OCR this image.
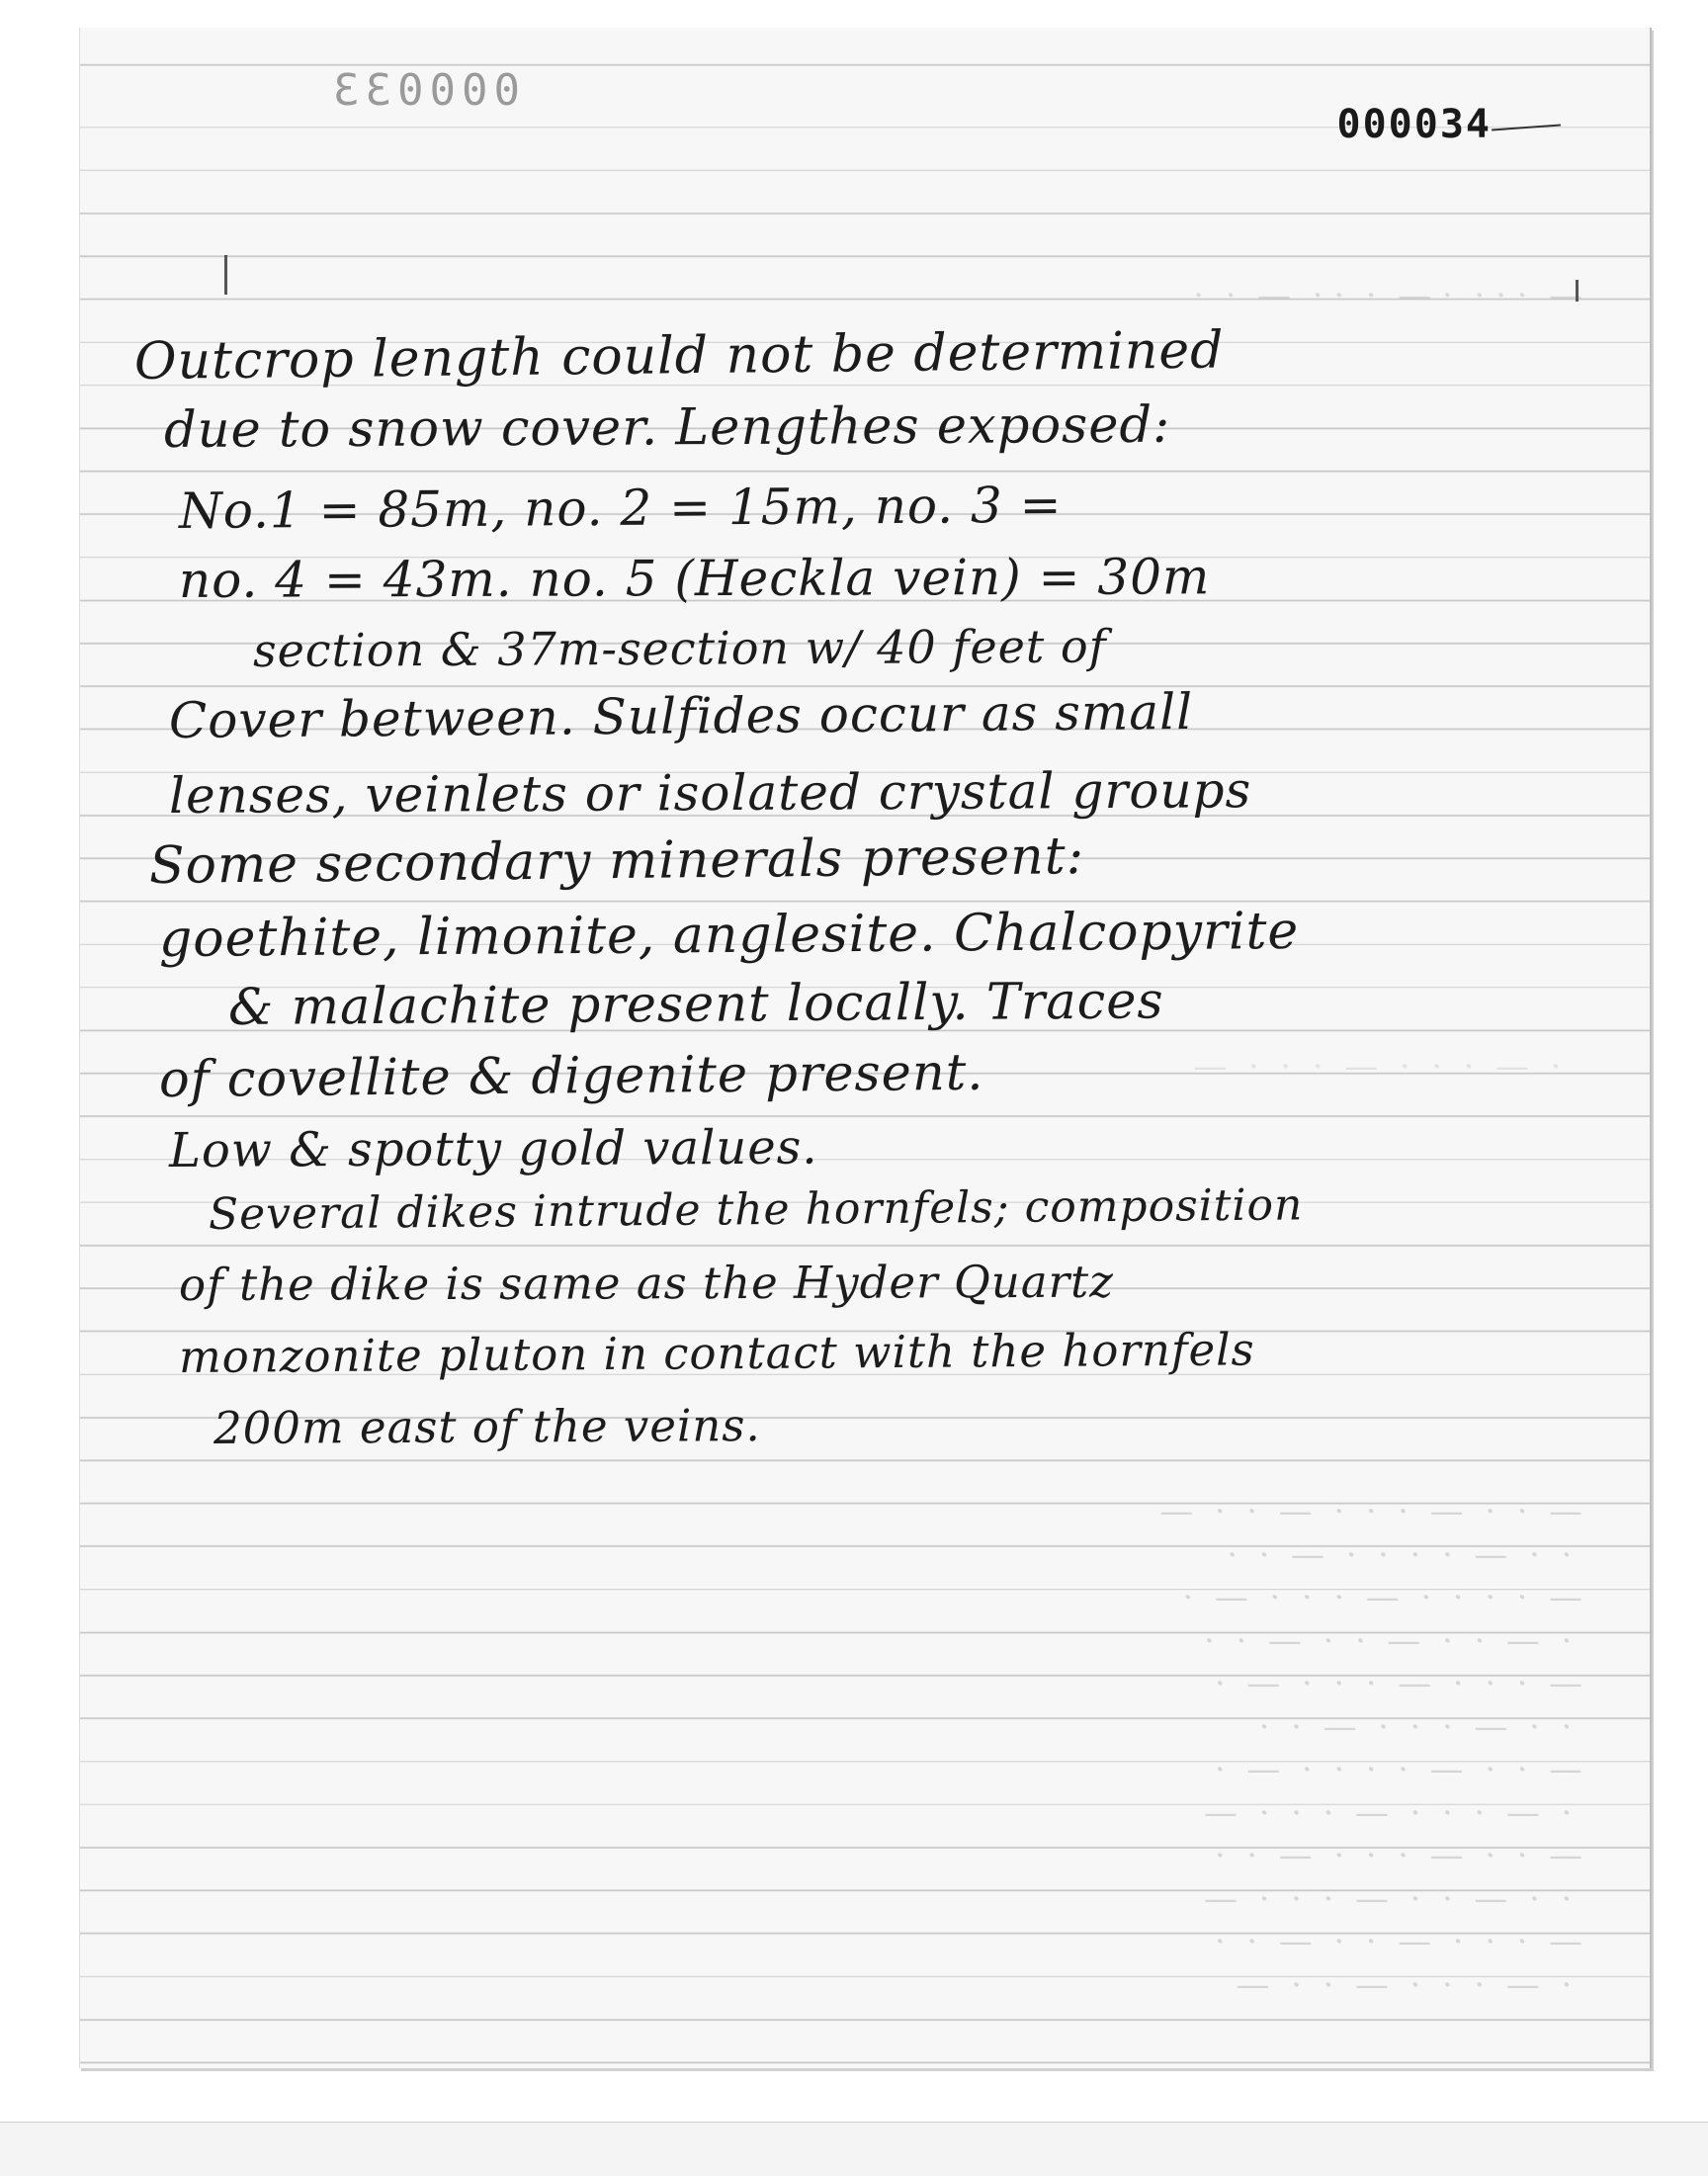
—  · · ·  · —  ·  · ·  —  ·  ·
000033
000034
Outcrop length could not be determined
due to snow cover. Lengthes exposed:
No.1 = 85m, no. 2 = 15m, no. 3 =
no. 4 = 43m. no. 5 (Heckla vein) = 30m
section & 37m-section w/ 40 feet of
Cover between. Sulfides occur as small
lenses, veinlets or isolated crystal groups
Some secondary minerals present:
goethite, limonite, anglesite. Chalcopyrite
& malachite present locally. Traces
of covellite & digenite present.
Low & spotty gold values.
Several dikes intrude the hornfels; composition
of the dike is same as the Hyder Quartz
monzonite pluton in contact with the hornfels
200m east of the veins.
·  —  ·  ·  ·  —  ·  ·  ·  —
—  ·  ·  —  ·  ·  ·  —  ·  ·  —
·  ·  —  ·  ·  ·  ·  —  ·  ·
—  ·  ·  ·  ·  —  ·  ·  ·  —  ·
·  —  ·  ·  —  ·  ·  —  ·  ·
—  ·  ·  ·  —  ·  ·  ·  —  ·
·  ·  —  ·  ·  ·  —  ·  ·
—  ·  ·  —  ·  ·  ·  ·  —  ·
·  —  ·  ·  ·  —  ·  ·  ·  —
—  ·  ·  —  ·  ·  ·  —  ·  ·
·  ·  —  ·  ·  —  ·  ·  ·  —
—  ·  ·  ·  —  ·  ·  —  ·  ·
·  —  ·  ·  ·  —  ·  ·  —
